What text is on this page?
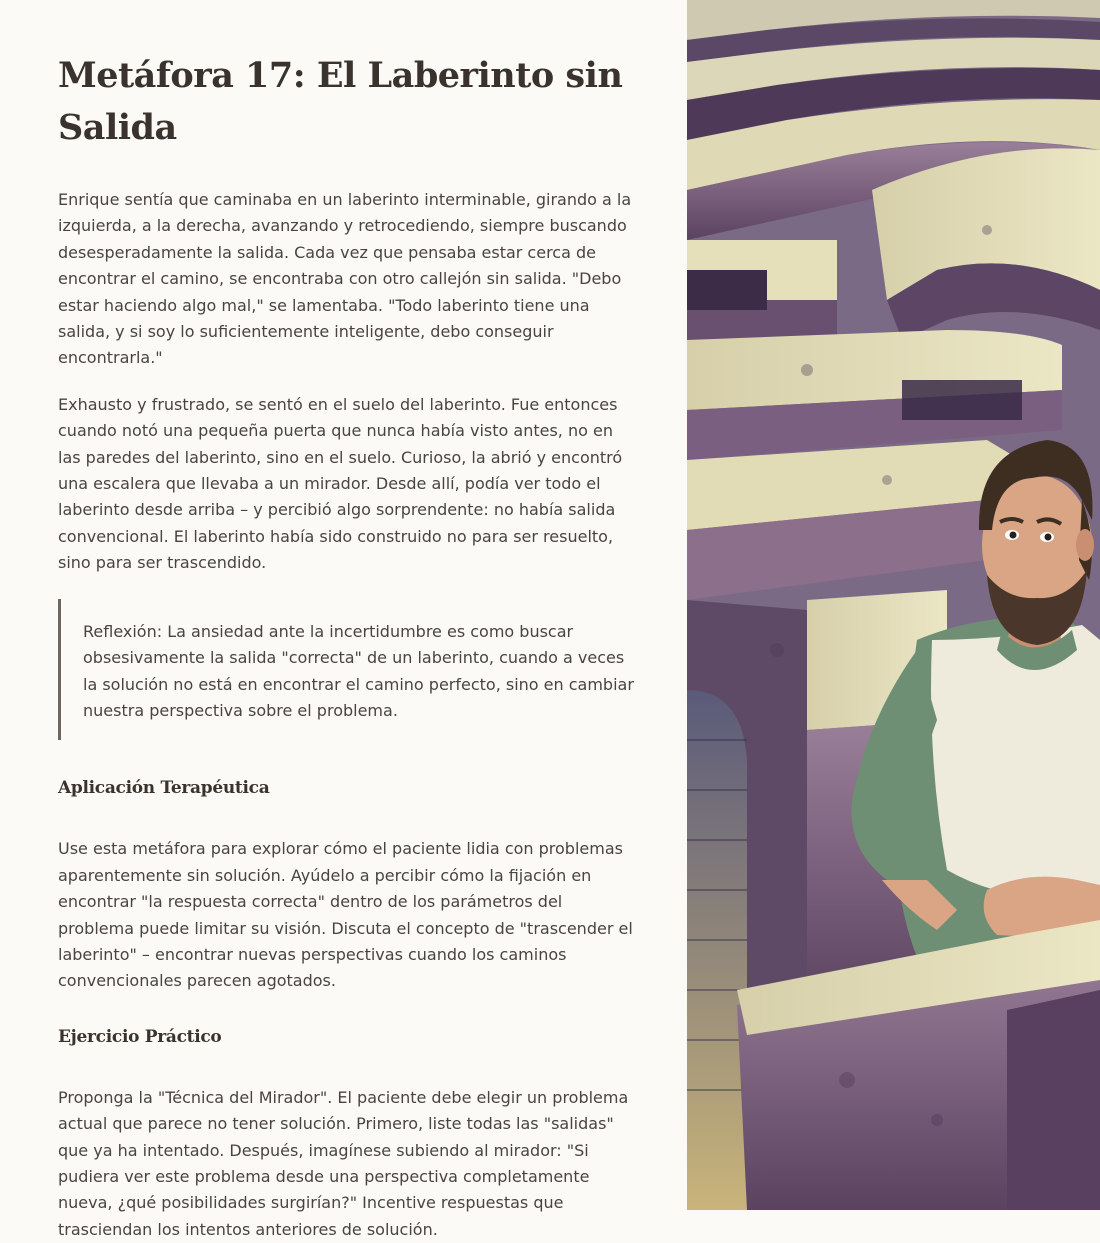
Metáfora 17: El Laberinto sin Salida

Enrique sentía que caminaba en un laberinto interminable, girando a la izquierda, a la derecha, avanzando y retrocediendo, siempre buscando desesperadamente la salida. Cada vez que pensaba estar cerca de encontrar el camino, se encontraba con otro callejón sin salida. "Debo estar haciendo algo mal," se lamentaba. "Todo laberinto tiene una salida, y si soy lo suficientemente inteligente, debo conseguir encontrarla."

Exhausto y frustrado, se sentó en el suelo del laberinto. Fue entonces cuando notó una pequeña puerta que nunca había visto antes, no en las paredes del laberinto, sino en el suelo. Curioso, la abrió y encontró una escalera que llevaba a un mirador. Desde allí, podía ver todo el laberinto desde arriba – y percibió algo sorprendente: no había salida convencional. El laberinto había sido construido no para ser resuelto, sino para ser trascendido.

Reflexión: La ansiedad ante la incertidumbre es como buscar obsesivamente la salida "correcta" de un laberinto, cuando a veces la solución no está en encontrar el camino perfecto, sino en cambiar nuestra perspectiva sobre el problema.

Aplicación Terapéutica

Use esta metáfora para explorar cómo el paciente lidia con problemas aparentemente sin solución. Ayúdelo a percibir cómo la fijación en encontrar "la respuesta correcta" dentro de los parámetros del problema puede limitar su visión. Discuta el concepto de "trascender el laberinto" – encontrar nuevas perspectivas cuando los caminos convencionales parecen agotados.

Ejercicio Práctico

Proponga la "Técnica del Mirador". El paciente debe elegir un problema actual que parece no tener solución. Primero, liste todas las "salidas" que ya ha intentado. Después, imagínese subiendo al mirador: "Si pudiera ver este problema desde una perspectiva completamente nueva, ¿qué posibilidades surgirían?" Incentive respuestas que trasciendan los intentos anteriores de solución.
